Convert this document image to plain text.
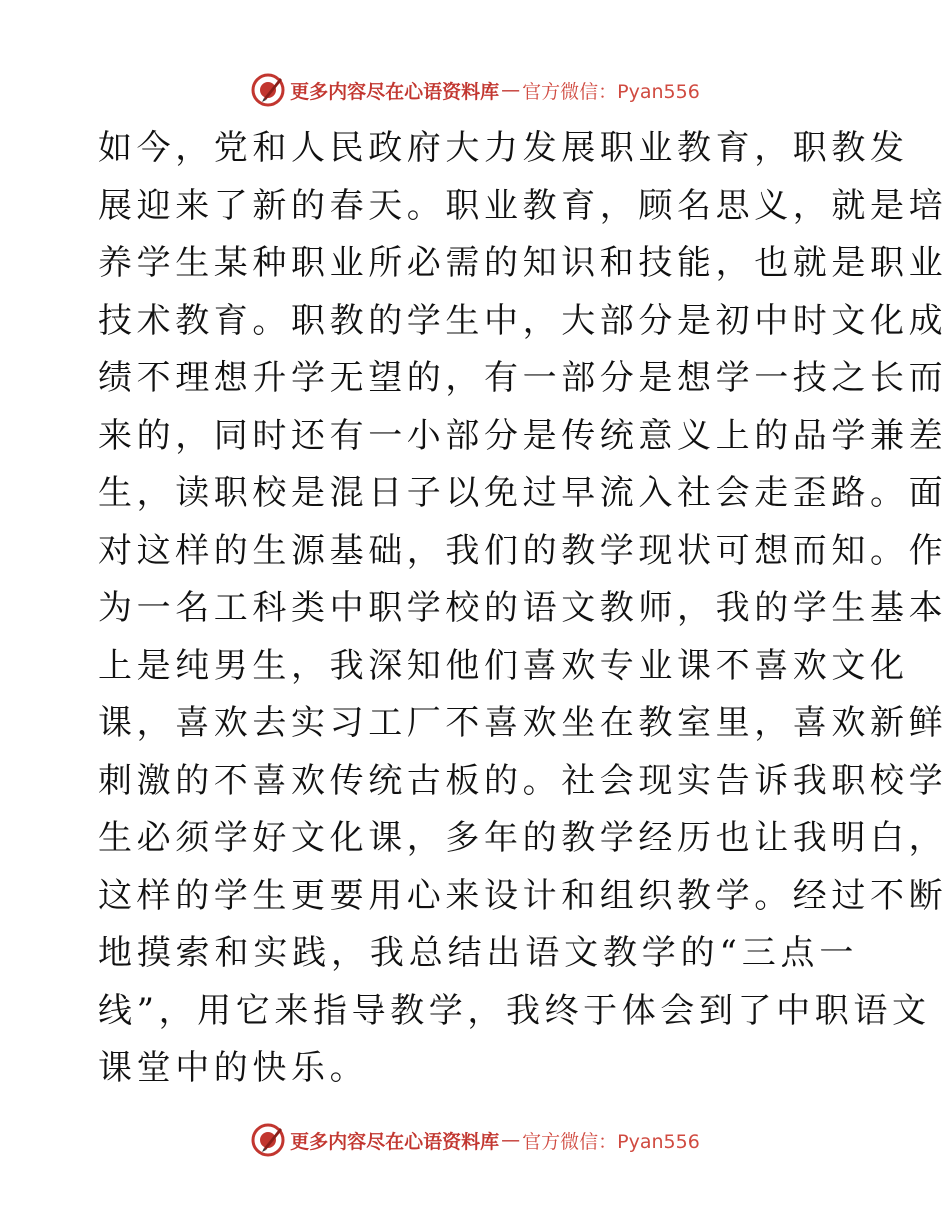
更多内容尽在心语资料库 — 官方微信：Pyan556
如今，党和人民政府大力发展职业教育，职教发
展迎来了新的春天。职业教育，顾名思义，就是培
养学生某种职业所必需的知识和技能，也就是职业
技术教育。职教的学生中，大部分是初中时文化成
绩不理想升学无望的，有一部分是想学一技之长而
来的，同时还有一小部分是传统意义上的品学兼差
生，读职校是混日子以免过早流入社会走歪路。面
对这样的生源基础，我们的教学现状可想而知。作
为一名工科类中职学校的语文教师，我的学生基本
上是纯男生，我深知他们喜欢专业课不喜欢文化
课，喜欢去实习工厂不喜欢坐在教室里，喜欢新鲜
刺激的不喜欢传统古板的。社会现实告诉我职校学
生必须学好文化课，多年的教学经历也让我明白，
这样的学生更要用心来设计和组织教学。经过不断
地摸索和实践，我总结出语文教学的“三点一
线”，用它来指导教学，我终于体会到了中职语文
课堂中的快乐。
更多内容尽在心语资料库 — 官方微信：Pyan556
